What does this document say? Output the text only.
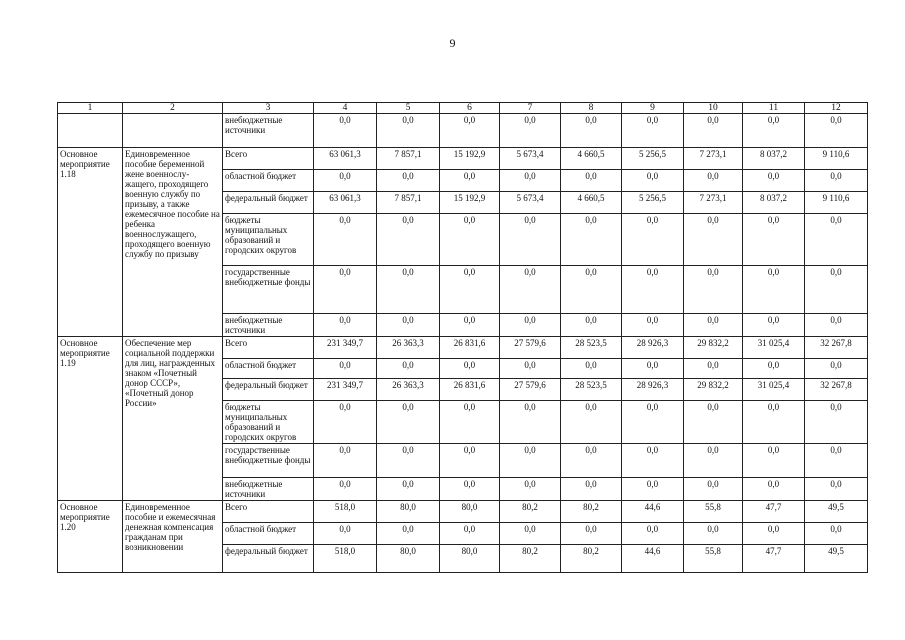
9
1	2	3	4	5	6	7	8	9	10	11	12
		внебюджетные источники	0,0	0,0	0,0	0,0	0,0	0,0	0,0	0,0	0,0
Основное мероприятие 1.18	Единовременное пособие беременной жене военнослу-жащего, проходящего военную службу по призыву, а также ежемесячное пособие на ребенка военнослужащего, проходящего военную службу по призыву	Всего	63 061,3	7 857,1	15 192,9	5 673,4	4 660,5	5 256,5	7 273,1	8 037,2	9 110,6
		областной бюджет	0,0	0,0	0,0	0,0	0,0	0,0	0,0	0,0	0,0
		федеральный бюджет	63 061,3	7 857,1	15 192,9	5 673,4	4 660,5	5 256,5	7 273,1	8 037,2	9 110,6
		бюджеты муниципальных образований и городских округов	0,0	0,0	0,0	0,0	0,0	0,0	0,0	0,0	0,0
		государственные внебюджетные фонды	0,0	0,0	0,0	0,0	0,0	0,0	0,0	0,0	0,0
		внебюджетные источники	0,0	0,0	0,0	0,0	0,0	0,0	0,0	0,0	0,0
Основное мероприятие 1.19	Обеспечение мер социальной поддержки для лиц, награжденных знаком «Почетный донор СССР», «Почетный донор России»	Всего	231 349,7	26 363,3	26 831,6	27 579,6	28 523,5	28 926,3	29 832,2	31 025,4	32 267,8
		областной бюджет	0,0	0,0	0,0	0,0	0,0	0,0	0,0	0,0	0,0
		федеральный бюджет	231 349,7	26 363,3	26 831,6	27 579,6	28 523,5	28 926,3	29 832,2	31 025,4	32 267,8
		бюджеты муниципальных образований и городских округов	0,0	0,0	0,0	0,0	0,0	0,0	0,0	0,0	0,0
		государственные внебюджетные фонды	0,0	0,0	0,0	0,0	0,0	0,0	0,0	0,0	0,0
		внебюджетные источники	0,0	0,0	0,0	0,0	0,0	0,0	0,0	0,0	0,0
Основное мероприятие 1.20	Единовременное пособие и ежемесячная денежная компенсация гражданам при возникновении	Всего	518,0	80,0	80,0	80,2	80,2	44,6	55,8	47,7	49,5
		областной бюджет	0,0	0,0	0,0	0,0	0,0	0,0	0,0	0,0	0,0
		федеральный бюджет	518,0	80,0	80,0	80,2	80,2	44,6	55,8	47,7	49,5
